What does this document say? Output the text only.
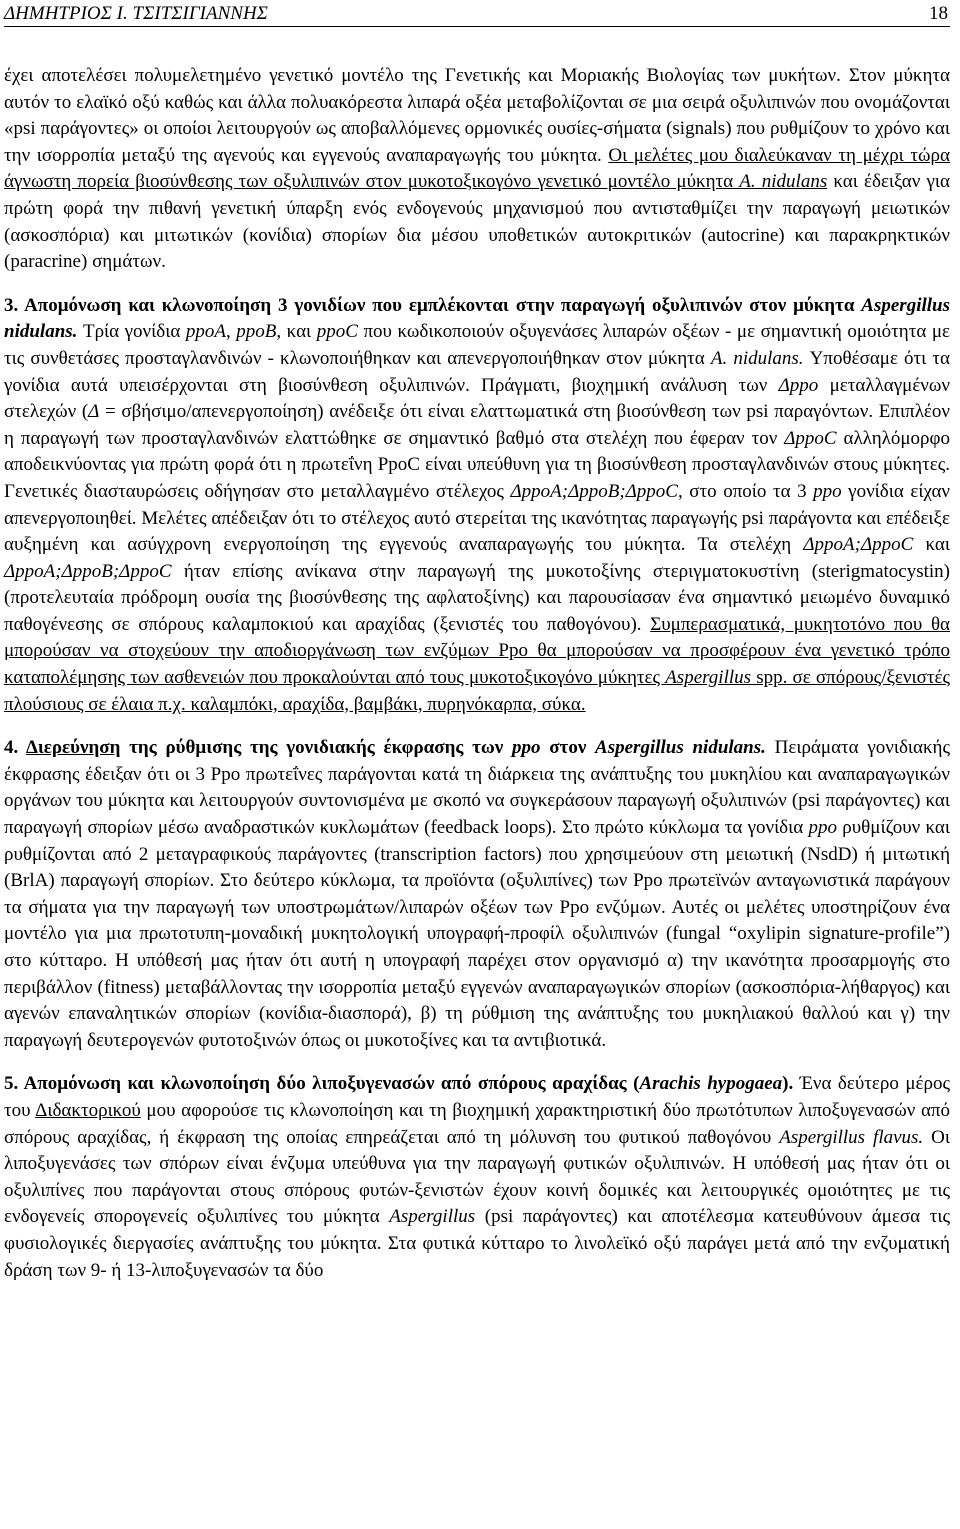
ΔΗΜΗΤΡΙΟΣ Ι. ΤΣΙΤΣΙΓΙΑΝΝΗΣ	18

έχει αποτελέσει πολυμελετημένο γενετικό μοντέλο της Γενετικής και Μοριακής Βιολογίας των μυκήτων. Στον μύκητα αυτόν το ελαϊκό οξύ καθώς και άλλα πολυακόρεστα λιπαρά οξέα μεταβολίζονται σε μια σειρά οξυλιπινών που ονομάζονται «psi παράγοντες» οι οποίοι λειτουργούν ως αποβαλλόμενες ορμονικές ουσίες-σήματα (signals) που ρυθμίζουν το χρόνο και την ισορροπία μεταξύ της αγενούς και εγγενούς αναπαραγωγής του μύκητα. Οι μελέτες μου διαλεύκαναν τη μέχρι τώρα άγνωστη πορεία βιοσύνθεσης των οξυλιπινών στον μυκοτοξικογόνο γενετικό μοντέλο μύκητα A. nidulans και έδειξαν για πρώτη φορά την πιθανή γενετική ύπαρξη ενός ενδογενούς μηχανισμού που αντισταθμίζει την παραγωγή μειωτικών (ασκοσπόρια) και μιτωτικών (κονίδια) σπορίων δια μέσου υποθετικών αυτοκριτικών (autocrine) και παρακρηκτικών (paracrine) σημάτων.

3. Απομόνωση και κλωνοποίηση 3 γονιδίων που εμπλέκονται στην παραγωγή οξυλιπινών στον μύκητα Aspergillus nidulans. Τρία γονίδια ppoA, ppoB, και ppoC που κωδικοποιούν οξυγενάσες λιπαρών οξέων - με σημαντική ομοιότητα με τις συνθετάσες προσταγλανδινών - κλωνοποιήθηκαν και απενεργοποιήθηκαν στον μύκητα A. nidulans. Υποθέσαμε ότι τα γονίδια αυτά υπεισέρχονται στη βιοσύνθεση οξυλιπινών. Πράγματι, βιοχημική ανάλυση των Δppo μεταλλαγμένων στελεχών (Δ = σβήσιμο/απενεργοποίηση) ανέδειξε ότι είναι ελαττωματικά στη βιοσύνθεση των psi παραγόντων. Επιπλέον η παραγωγή των προσταγλανδινών ελαττώθηκε σε σημαντικό βαθμό στα στελέχη που έφεραν τον ΔppoC αλληλόμορφο αποδεικνύοντας για πρώτη φορά ότι η πρωτεΐνη PpoC είναι υπεύθυνη για τη βιοσύνθεση προσταγλανδινών στους μύκητες. Γενετικές διασταυρώσεις οδήγησαν στο μεταλλαγμένο στέλεχος ΔppoA;ΔppoB;ΔppoC, στο οποίο τα 3 ppo γονίδια είχαν απενεργοποιηθεί. Μελέτες απέδειξαν ότι το στέλεχος αυτό στερείται της ικανότητας παραγωγής psi παράγοντα και επέδειξε αυξημένη και ασύγχρονη ενεργοποίηση της εγγενούς αναπαραγωγής του μύκητα. Τα στελέχη ΔppoA;ΔppoC και ΔppoA;ΔppoB;ΔppoC ήταν επίσης ανίκανα στην παραγωγή της μυκοτοξίνης στεριγματοκυστίνη (sterigmatocystin) (προτελευταία πρόδρομη ουσία της βιοσύνθεσης της αφλατοξίνης) και παρουσίασαν ένα σημαντικό μειωμένο δυναμικό παθογένεσης σε σπόρους καλαμποκιού και αραχίδας (ξενιστές του παθογόνου). Συμπερασματικά, μυκητοτόνο που θα μπορούσαν να στοχεύουν την αποδιοργάνωση των ενζύμων Ppo θα μπορούσαν να προσφέρουν ένα γενετικό τρόπο καταπολέμησης των ασθενειών που προκαλούνται από τους μυκοτοξικογόνο μύκητες Aspergillus spp. σε σπόρους/ξενιστές πλούσιους σε έλαια π.χ. καλαμπόκι, αραχίδα, βαμβάκι, πυρηνόκαρπα, σύκα.

4. Διερεύνηση της ρύθμισης της γονιδιακής έκφρασης των ppo στον Aspergillus nidulans. Πειράματα γονιδιακής έκφρασης έδειξαν ότι οι 3 Ppo πρωτεΐνες παράγονται κατά τη διάρκεια της ανάπτυξης του μυκηλίου και αναπαραγωγικών οργάνων του μύκητα και λειτουργούν συντονισμένα με σκοπό να συγκεράσουν παραγωγή οξυλιπινών (psi παράγοντες) και παραγωγή σπορίων μέσω αναδραστικών κυκλωμάτων (feedback loops). Στο πρώτο κύκλωμα τα γονίδια ppo ρυθμίζουν και ρυθμίζονται από 2 μεταγραφικούς παράγοντες (transcription factors) που χρησιμεύουν στη μειωτική (NsdD) ή μιτωτική (BrlA) παραγωγή σπορίων. Στο δεύτερο κύκλωμα, τα προϊόντα (οξυλιπίνες) των Ppo πρωτεϊνών ανταγωνιστικά παράγουν τα σήματα για την παραγωγή των υποστρωμάτων/λιπαρών οξέων των Ppo ενζύμων. Αυτές οι μελέτες υποστηρίζουν ένα μοντέλο για μια πρωτοτυπη-μοναδική μυκητολογική υπογραφή-προφίλ οξυλιπινών (fungal “oxylipin signature-profile”) στο κύτταρο. Η υπόθεσή μας ήταν ότι αυτή η υπογραφή παρέχει στον οργανισμό α) την ικανότητα προσαρμογής στο περιβάλλον (fitness) μεταβάλλοντας την ισορροπία μεταξύ εγγενών αναπαραγωγικών σπορίων (ασκοσπόρια-λήθαργος) και αγενών επαναλητικών σπορίων (κονίδια-διασπορά), β) τη ρύθμιση της ανάπτυξης του μυκηλιακού θαλλού και γ) την παραγωγή δευτερογενών φυτοτοξινών όπως οι μυκοτοξίνες και τα αντιβιοτικά.

5. Απομόνωση και κλωνοποίηση δύο λιποξυγενασών από σπόρους αραχίδας (Arachis hypogaea). Ένα δεύτερο μέρος του Διδακτορικού μου αφορούσε τις κλωνοποίηση και τη βιοχημική χαρακτηριστική δύο πρωτότυπων λιποξυγενασών από σπόρους αραχίδας, ή έκφραση της οποίας επηρεάζεται από τη μόλυνση του φυτικού παθογόνου Aspergillus flavus. Οι λιποξυγενάσες των σπόρων είναι ένζυμα υπεύθυνα για την παραγωγή φυτικών οξυλιπινών. Η υπόθεσή μας ήταν ότι οι οξυλιπίνες που παράγονται στους σπόρους φυτών-ξενιστών έχουν κοινή δομικές και λειτουργικές ομοιότητες με τις ενδογενείς σπορογενείς οξυλιπίνες του μύκητα Aspergillus (psi παράγοντες) και αποτέλεσμα κατευθύνουν άμεσα τις φυσιολογικές διεργασίες ανάπτυξης του μύκητα. Στα φυτικά κύτταρο το λινολεϊκό οξύ παράγει μετά από την ενζυματική δράση των 9- ή 13-λιποξυγενασών τα δύο
